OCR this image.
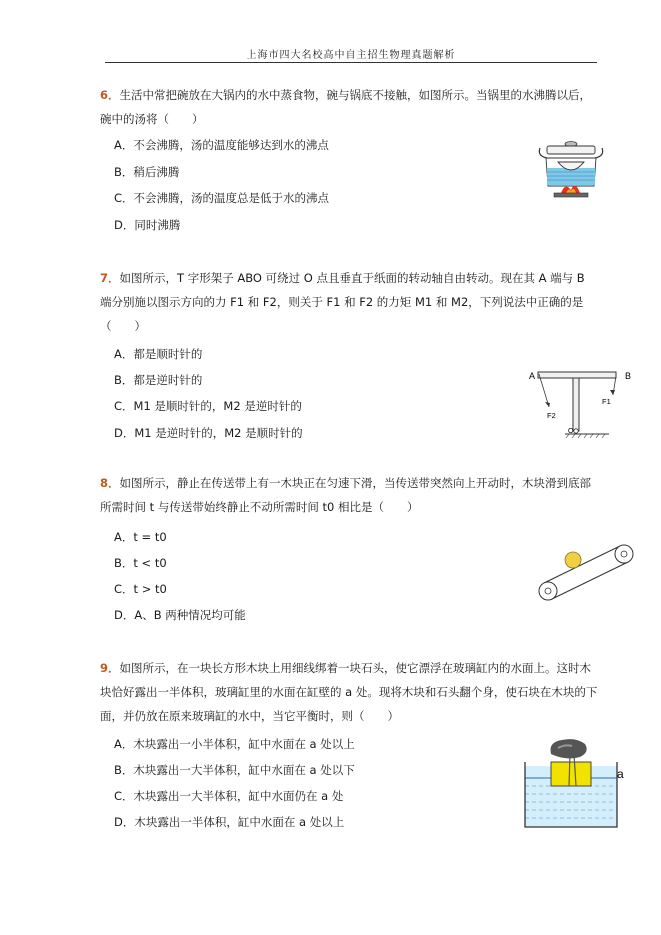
上海市四大名校高中自主招生物理真题解析

6．生活中常把碗放在大锅内的水中蒸食物，碗与锅底不接触，如图所示。当锅里的水沸腾以后，碗中的汤将（　　）

A．不会沸腾，汤的温度能够达到水的沸点
B．稍后沸腾
C．不会沸腾，汤的温度总是低于水的沸点
D．同时沸腾

7．如图所示，T 字形架子 ABO 可绕过 O 点且垂直于纸面的转动轴自由转动。现在其 A 端与 B 端分别施以图示方向的力 F1 和 F2，则关于 F1 和 F2 的力矩 M1 和 M2，下列说法中正确的是（　　）

A．都是顺时针的
B．都是逆时针的
C．M1 是顺时针的，M2 是逆时针的
D．M1 是逆时针的，M2 是顺时针的
A	B
F1
F2
O

8．如图所示，静止在传送带上有一木块正在匀速下滑，当传送带突然向上开动时，木块滑到底部所需时间 t 与传送带始终静止不动所需时间 t0 相比是（　　）

A．t = t0
B．t < t0
C．t > t0
D．A、B 两种情况均可能

9．如图所示，在一块长方形木块上用细线绑着一块石头，使它漂浮在玻璃缸内的水面上。这时木块恰好露出一半体积，玻璃缸里的水面在缸壁的 a 处。现将木块和石头翻个身，使石块在木块的下面，并仍放在原来玻璃缸的水中，当它平衡时，则（　　）

A．木块露出一小半体积，缸中水面在 a 处以上
B．木块露出一大半体积，缸中水面在 a 处以下
C．木块露出一大半体积，缸中水面仍在 a 处
D．木块露出一半体积，缸中水面在 a 处以上
a
